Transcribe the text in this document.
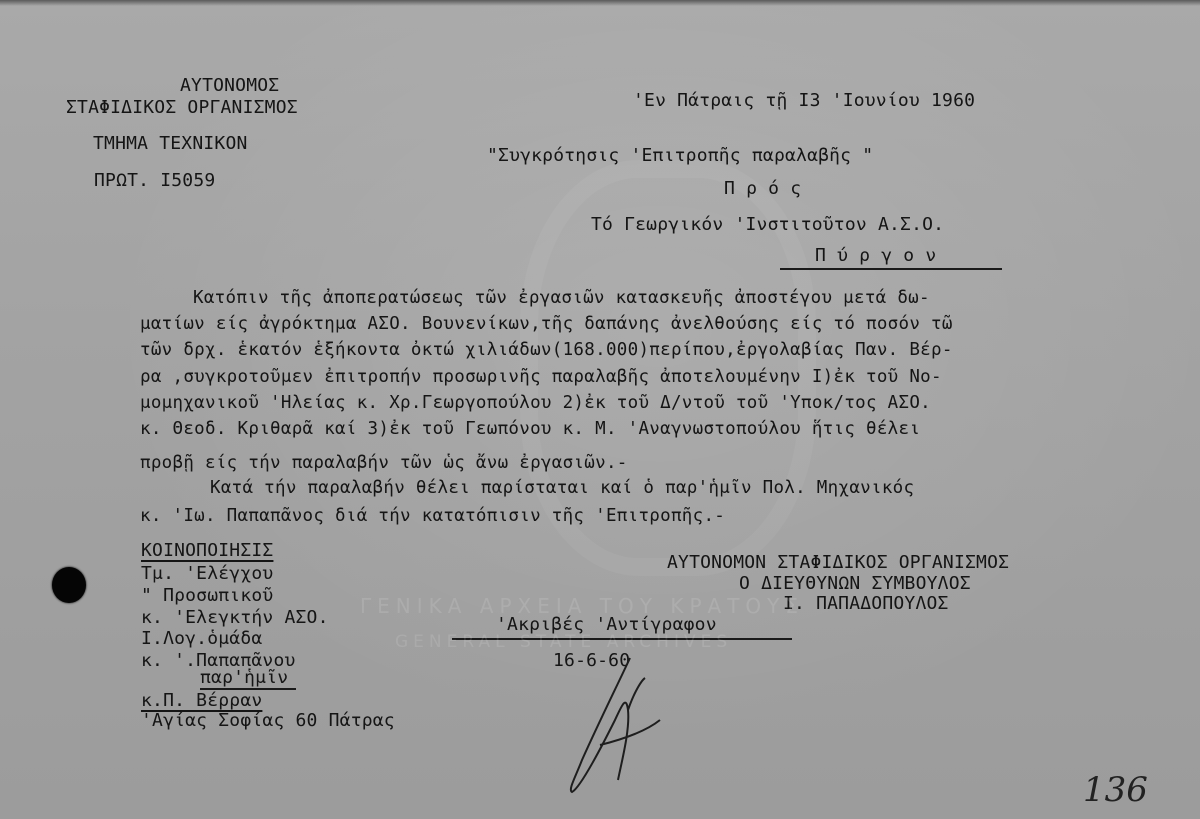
ΑΥΤΟΝΟΜΟΣ
ΣΤΑΦΙΔΙΚΟΣ ΟΡΓΑΝΙΣΜΟΣ
ΤΜΗΜΑ ΤΕΧΝΙΚΟΝ
ΠΡΩΤ. Ι5059
'Εν Πάτραις τῇ Ι3 'Ιουνίου 1960
"Συγκρότησις 'Επιτροπῆς παραλαβῆς "
Π ρ ό ς
Τό Γεωργικόν 'Ινστιτοῦτον Α.Σ.Ο.
Π ύ ρ γ ο ν
Κατόπιν τῆς ἀποπερατώσεως τῶν ἐργασιῶν κατασκευῆς ἀποστέγου μετά δω-
ματίων είς ἀγρόκτημα ΑΣΟ. Βουνενίκων,τῆς δαπάνης ἀνελθούσης είς τό ποσόν τῶ
τῶν δρχ. ἑκατόν ἑξήκοντα ὀκτώ χιλιάδων(168.000)περίπου,ἐργολαβίας Παν. Βέρ-
ρα ,συγκροτοῦμεν ἐπιτροπήν προσωρινῆς παραλαβῆς ἀποτελουμένην Ι)ἐκ τοῦ Νο-
μομηχανικοῦ 'Ηλείας κ. Χρ.Γεωργοπούλου 2)ἐκ τοῦ Δ/ντοῦ τοῦ 'Υποκ/τος ΑΣΟ.
κ. Θεοδ. Κριθαρᾶ καί 3)ἐκ τοῦ Γεωπόνου κ. Μ. 'Αναγνωστοπούλου ἥτις θέλει
προβῇ είς τήν παραλαβήν τῶν ὡς ἄνω ἐργασιῶν.-
Κατά τήν παραλαβήν θέλει παρίσταται καί ὁ παρ'ἡμῖν Πολ. Μηχανικός
κ. 'Ιω. Παπαπᾶνος διά τήν κατατόπισιν τῆς 'Επιτροπῆς.-
ΚΟΙΝΟΠΟΙΗΣΙΣ
Τμ. 'Ελέγχου
" Προσωπικοῦ
κ. 'Ελεγκτήν ΑΣΟ.
Ι.Λογ.ὁμάδα
κ. '.Παπαπᾶνου
παρ'ἡμῖν
κ.Π. Βέρραν
'Αγίας Σοφίας 60 Πάτρας
ΑΥΤΟΝΟΜΟΝ ΣΤΑΦΙΔΙΚΟΣ ΟΡΓΑΝΙΣΜΟΣ
Ο ΔΙΕΥΘΥΝΩΝ ΣΥΜΒΟΥΛΟΣ
Ι. ΠΑΠΑΔΟΠΟΥΛΟΣ
'Ακριβές 'Αντίγραφον
16-6-60
136
ΓΕΝΙΚΑ ΑΡΧΕΙΑ ΤΟΥ ΚΡΑΤΟΥΣ
GENERAL STATE ARCHIVES
